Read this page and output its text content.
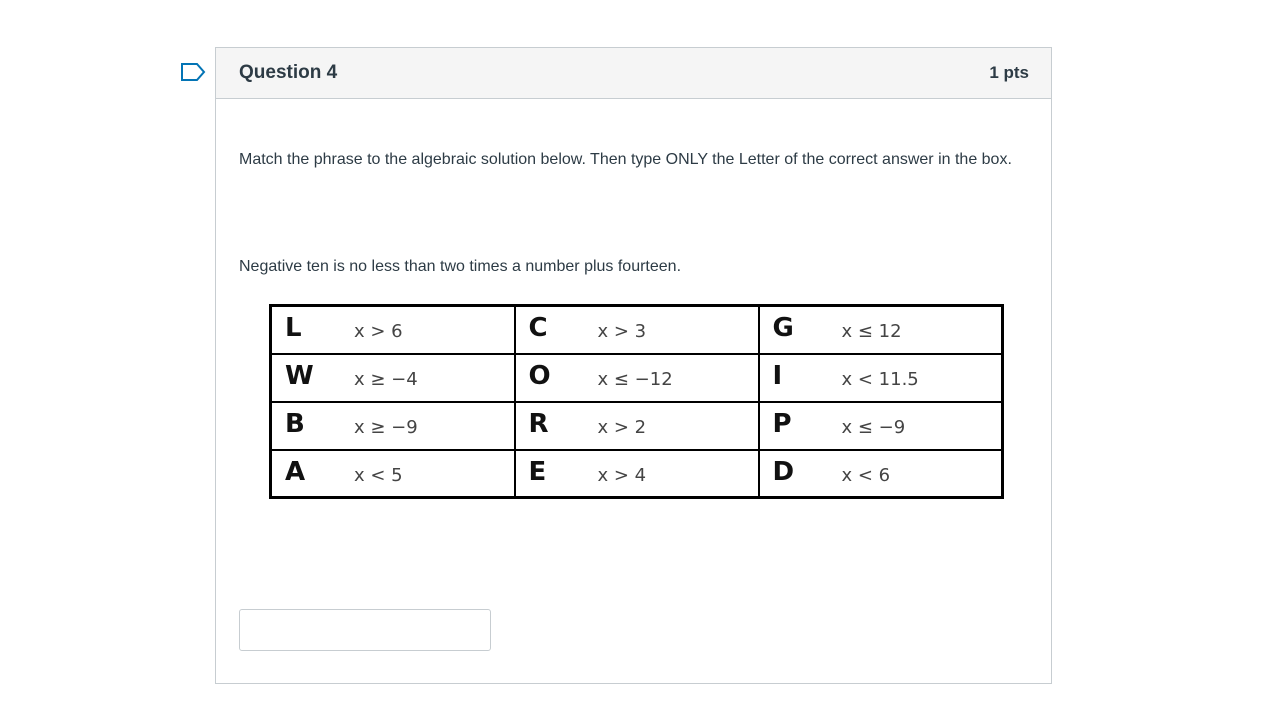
Question 4	1 pts
Match the phrase to the algebraic solution below. Then type ONLY the Letter of the correct answer in the box.
Negative ten is no less than two times a number plus fourteen.
L x > 6	C x > 3	G x ≤ 12

W x ≥ −4	O x ≤ −12	I x < 11.5

B x ≥ −9	R x > 2	P x ≤ −9

A x < 5	E x > 4	D x < 6
